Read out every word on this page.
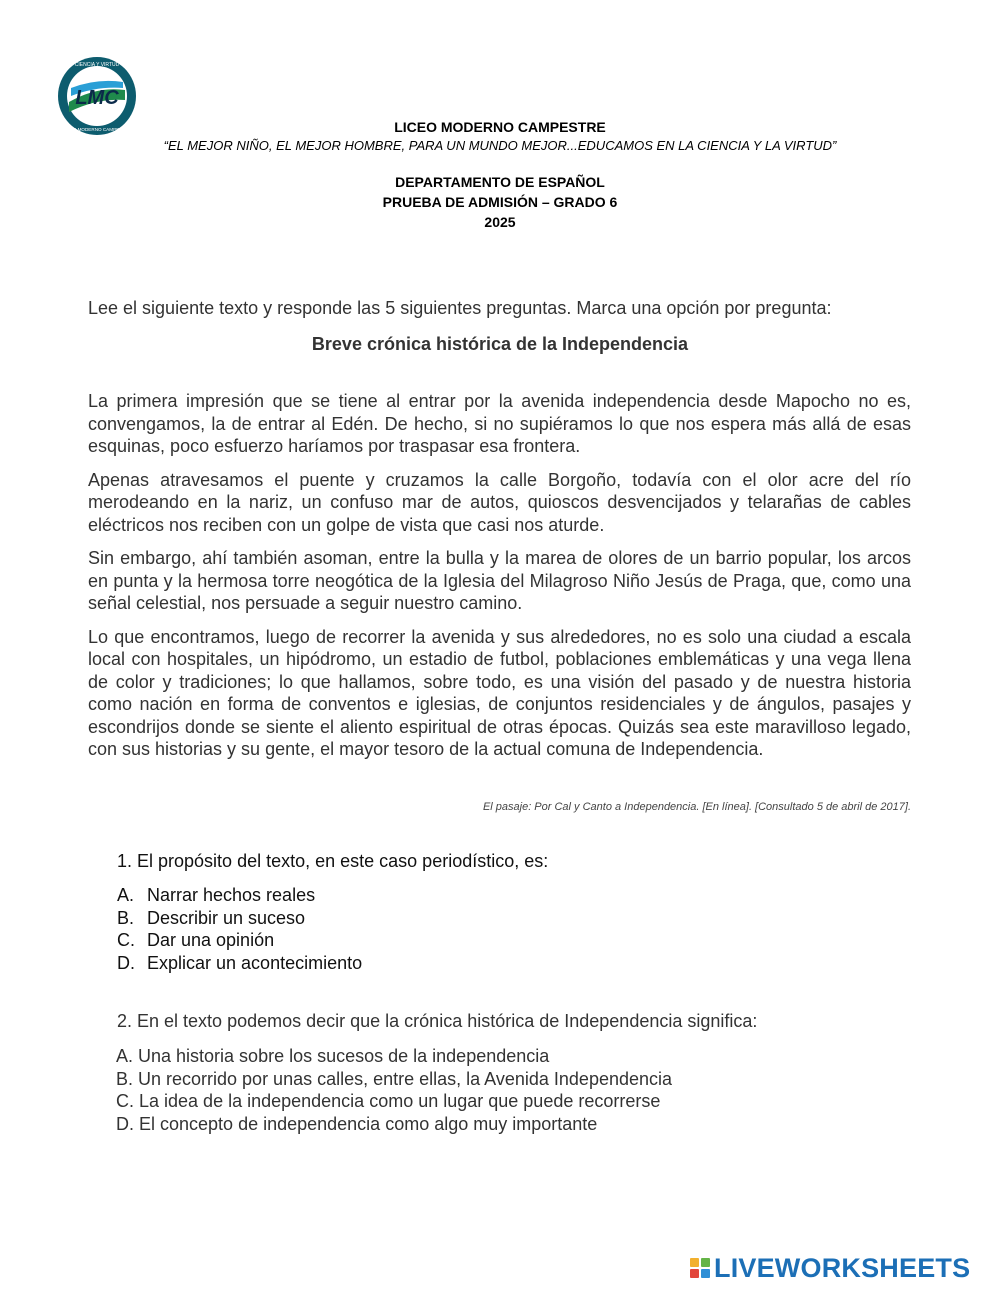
LMC
CIENCIA Y VIRTUD
LICEO MODERNO CAMPESTRE	LICEO MODERNO CAMPESTRE
“EL MEJOR NIÑO, EL MEJOR HOMBRE, PARA UN MUNDO MEJOR...EDUCAMOS EN LA CIENCIA Y LA VIRTUD”
DEPARTAMENTO DE ESPAÑOL
PRUEBA DE ADMISIÓN – GRADO 6
2025
Lee el siguiente texto y responde las 5 siguientes preguntas. Marca una opción por pregunta:
Breve crónica histórica de la Independencia

La primera impresión que se tiene al entrar por la avenida independencia desde Mapocho no es, convengamos, la de entrar al Edén. De hecho, si no supiéramos lo que nos espera más allá de esas esquinas, poco esfuerzo haríamos por traspasar esa frontera.

Apenas atravesamos el puente y cruzamos la calle Borgoño, todavía con el olor acre del río merodeando en la nariz, un confuso mar de autos, quioscos desvencijados y telarañas de cables eléctricos nos reciben con un golpe de vista que casi nos aturde.

Sin embargo, ahí también asoman, entre la bulla y la marea de olores de un barrio popular, los arcos en punta y la hermosa torre neogótica de la Iglesia del Milagroso Niño Jesús de Praga, que, como una señal celestial, nos persuade a seguir nuestro camino.

Lo que encontramos, luego de recorrer la avenida y sus alrededores, no es solo una ciudad a escala local con hospitales, un hipódromo, un estadio de futbol, poblaciones emblemáticas y una vega llena de color y tradiciones; lo que hallamos, sobre todo, es una visión del pasado y de nuestra historia como nación en forma de conventos e iglesias, de conjuntos residenciales y de ángulos, pasajes y escondrijos donde se siente el aliento espiritual de otras épocas. Quizás sea este maravilloso legado, con sus historias y su gente, el mayor tesoro de la actual comuna de Independencia.

El pasaje: Por Cal y Canto a Independencia. [En línea]. [Consultado 5 de abril de 2017].
1. El propósito del texto, en este caso periodístico, es:
A. Narrar hechos reales
B. Describir un suceso
C. Dar una opinión
D. Explicar un acontecimiento
2. En el texto podemos decir que la crónica histórica de Independencia significa:
A. Una historia sobre los sucesos de la independencia
B. Un recorrido por unas calles, entre ellas, la Avenida Independencia
C. La idea de la independencia como un lugar que puede recorrerse
D. El concepto de independencia como algo muy importante
LIVEWORKSHEETS
